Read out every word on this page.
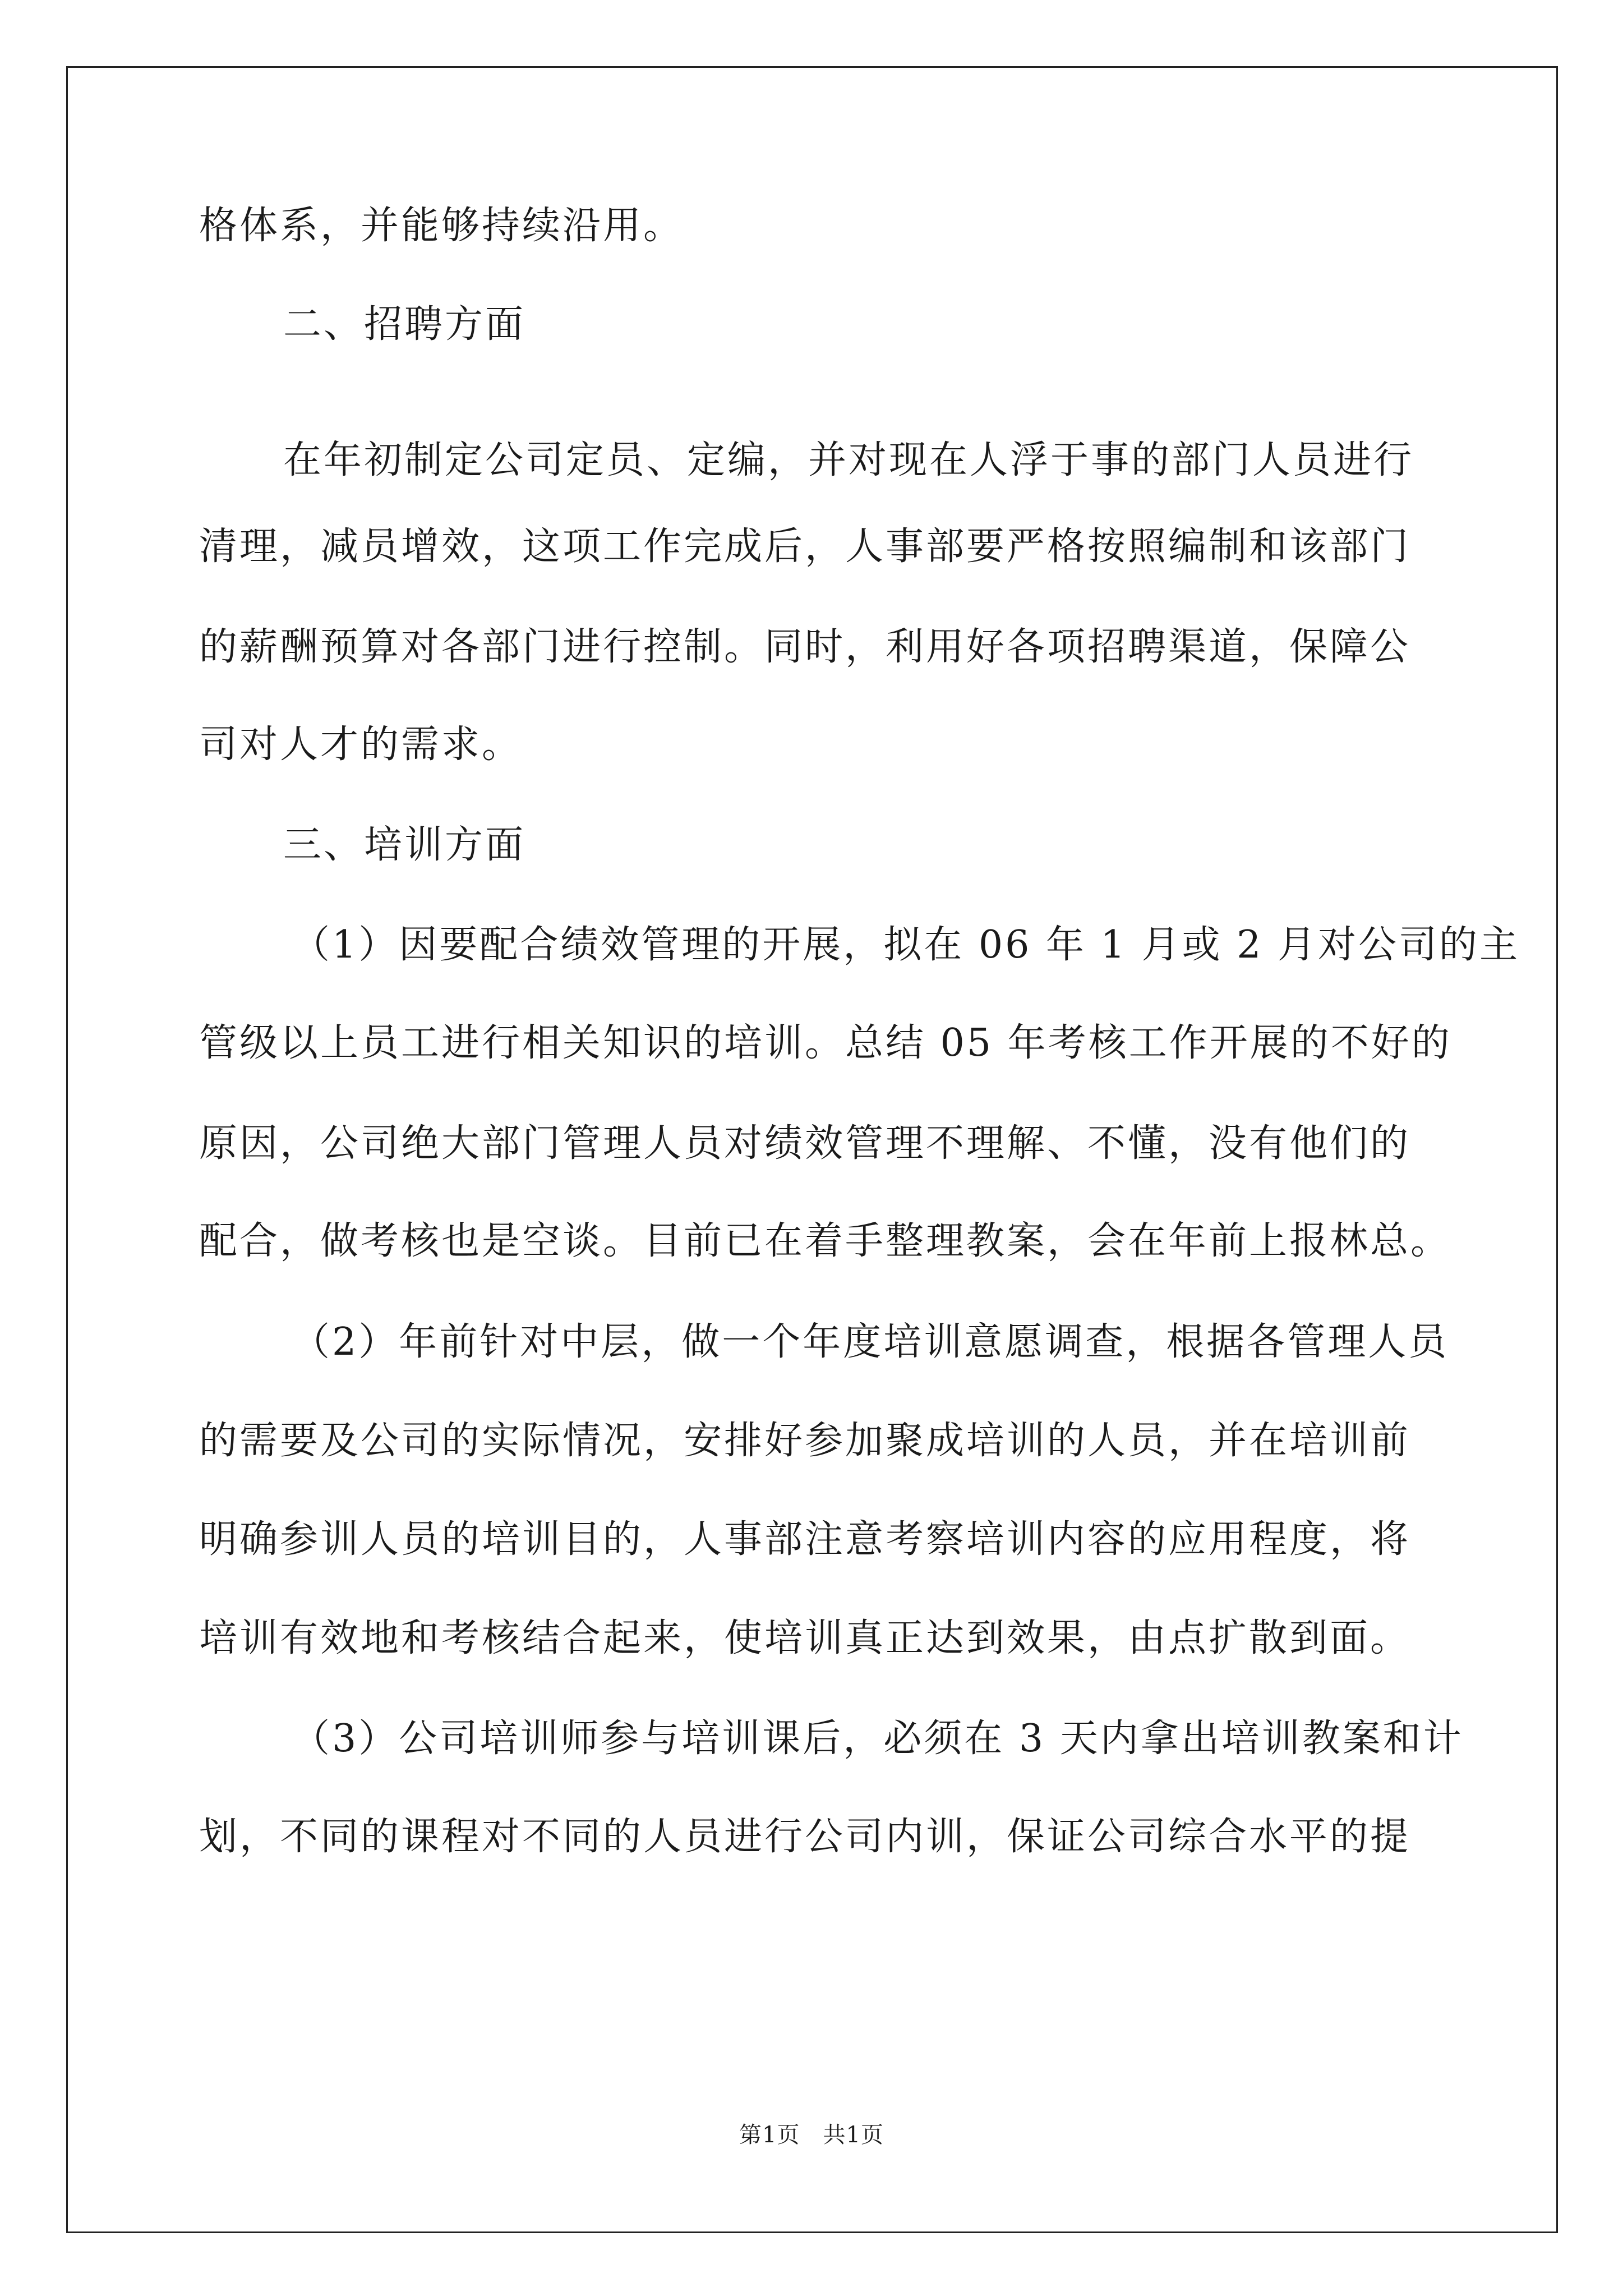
格体系，并能够持续沿用。
二、招聘方面
在年初制定公司定员、定编，并对现在人浮于事的部门人员进行
清理，减员增效，这项工作完成后，人事部要严格按照编制和该部门
的薪酬预算对各部门进行控制。同时，利用好各项招聘渠道，保障公
司对人才的需求。
三、培训方面
（1）因要配合绩效管理的开展，拟在 06 年 1 月或 2 月对公司的主
管级以上员工进行相关知识的培训。总结 05 年考核工作开展的不好的
原因，公司绝大部门管理人员对绩效管理不理解、不懂，没有他们的
配合，做考核也是空谈。目前已在着手整理教案，会在年前上报林总。
（2）年前针对中层，做一个年度培训意愿调查，根据各管理人员
的需要及公司的实际情况，安排好参加聚成培训的人员，并在培训前
明确参训人员的培训目的，人事部注意考察培训内容的应用程度，将
培训有效地和考核结合起来，使培训真正达到效果，由点扩散到面。
（3）公司培训师参与培训课后，必须在 3 天内拿出培训教案和计
划，不同的课程对不同的人员进行公司内训，保证公司综合水平的提
第1页　共1页
